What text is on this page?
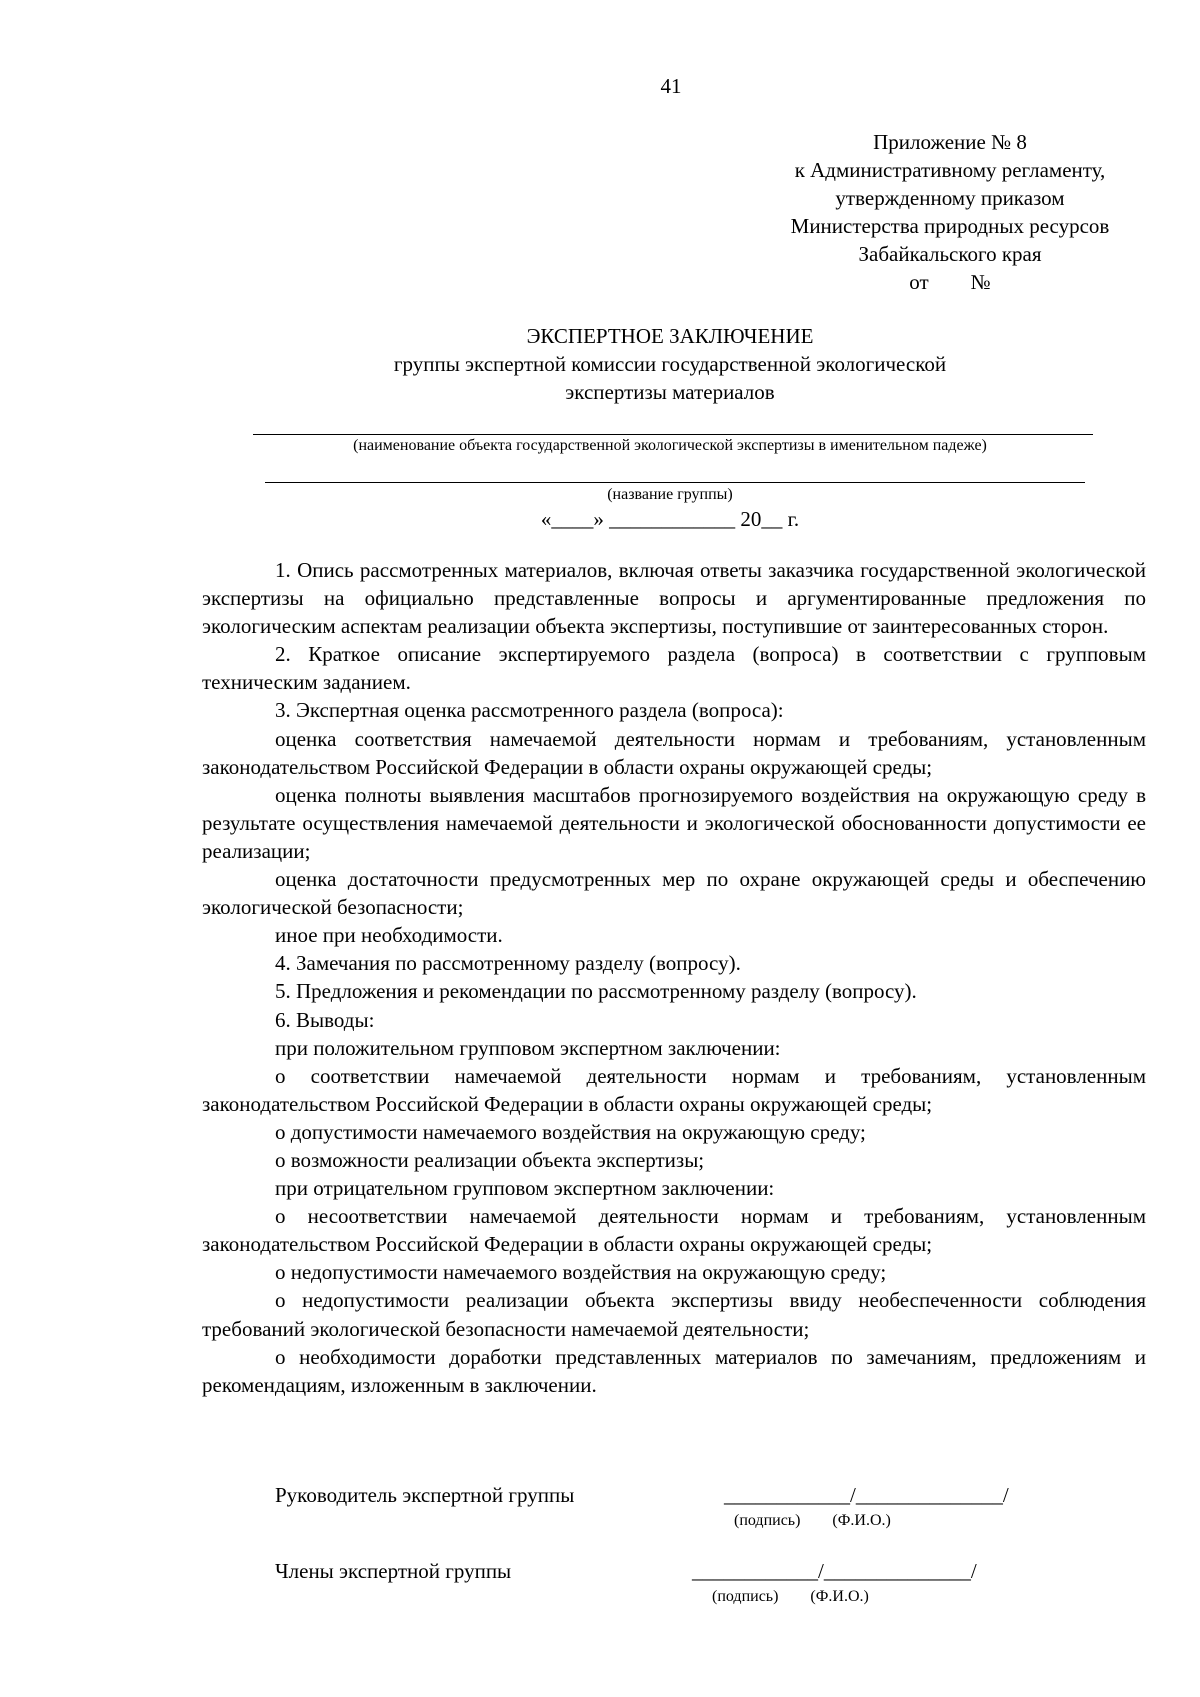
41
Приложение № 8
к Административному регламенту,
утвержденному приказом
Министерства природных ресурсов
Забайкальского края
от        №
ЭКСПЕРТНОЕ ЗАКЛЮЧЕНИЕ
группы экспертной комиссии государственной экологической
экспертизы материалов
(наименование объекта государственной экологической экспертизы в именительном падеже)
(название группы)
«____» ____________ 20__ г.

1. Опись рассмотренных материалов, включая ответы заказчика государственной экологической экспертизы на официально представленные вопросы и аргументированные предложения по экологическим аспектам реализации объекта экспертизы, поступившие от заинтересованных сторон.

2. Краткое описание экспертируемого раздела (вопроса) в соответствии с групповым техническим заданием.

3. Экспертная оценка рассмотренного раздела (вопроса):

оценка соответствия намечаемой деятельности нормам и требованиям, установленным законодательством Российской Федерации в области охраны окружающей среды;

оценка полноты выявления масштабов прогнозируемого воздействия на окружающую среду в результате осуществления намечаемой деятельности и экологической обоснованности допустимости ее реализации;

оценка достаточности предусмотренных мер по охране окружающей среды и обеспечению экологической безопасности;

иное при необходимости.

4. Замечания по рассмотренному разделу (вопросу).

5. Предложения и рекомендации по рассмотренному разделу (вопросу).

6. Выводы:

при положительном групповом экспертном заключении:

о соответствии намечаемой деятельности нормам и требованиям, установленным законодательством Российской Федерации в области охраны окружающей среды;

о допустимости намечаемого воздействия на окружающую среду;

о возможности реализации объекта экспертизы;

при отрицательном групповом экспертном заключении:

о несоответствии намечаемой деятельности нормам и требованиям, установленным законодательством Российской Федерации в области охраны окружающей среды;

о недопустимости намечаемого воздействия на окружающую среду;

о недопустимости реализации объекта экспертизы ввиду необеспеченности соблюдения требований экологической безопасности намечаемой деятельности;

о необходимости доработки представленных материалов по замечаниям, предложениям и рекомендациям, изложенным в заключении.

Руководитель экспертной группы	____________/______________/
(подпись)        (Ф.И.О.)
Члены экспертной группы	____________/______________/
(подпись)        (Ф.И.О.)
